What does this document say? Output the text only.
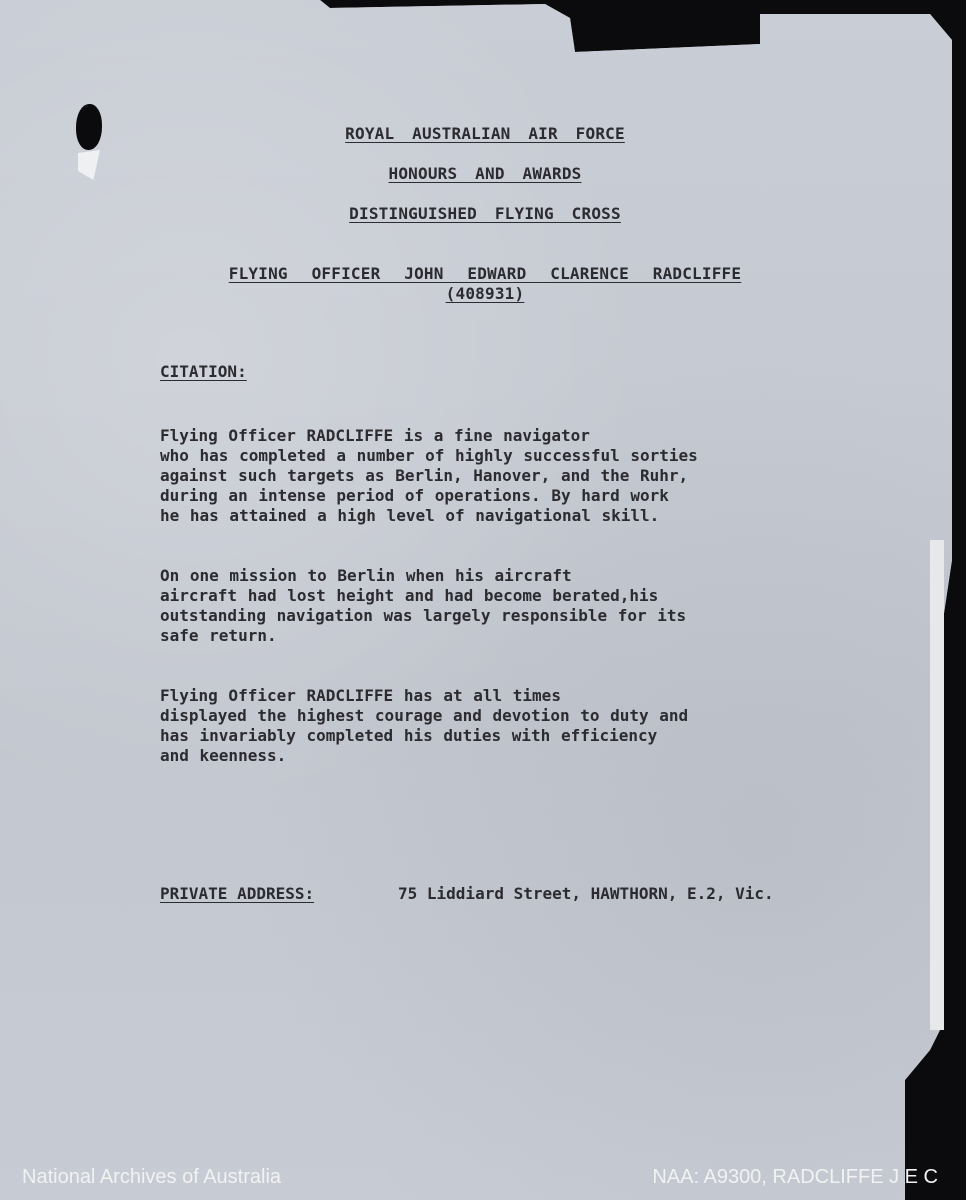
ROYAL AUSTRALIAN AIR FORCE
HONOURS AND AWARDS
DISTINGUISHED FLYING CROSS
FLYING OFFICER JOHN EDWARD CLARENCE RADCLIFFE
(408931)
CITATION:
Flying Officer RADCLIFFE is a fine navigator
who has completed a number of highly successful sorties
against such targets as Berlin, Hanover, and the Ruhr,
during an intense period of operations. By hard work
he has attained a high level of navigational skill.
On one mission to Berlin when his aircraft
aircraft had lost height and had become berated,his
outstanding navigation was largely responsible for its
safe return.
Flying Officer RADCLIFFE has at all times
displayed the highest courage and devotion to duty and
has invariably completed his duties with efficiency
and keenness.
PRIVATE ADDRESS:	75 Liddiard Street, HAWTHORN, E.2, Vic.
National Archives of Australia	NAA: A9300, RADCLIFFE J E C
